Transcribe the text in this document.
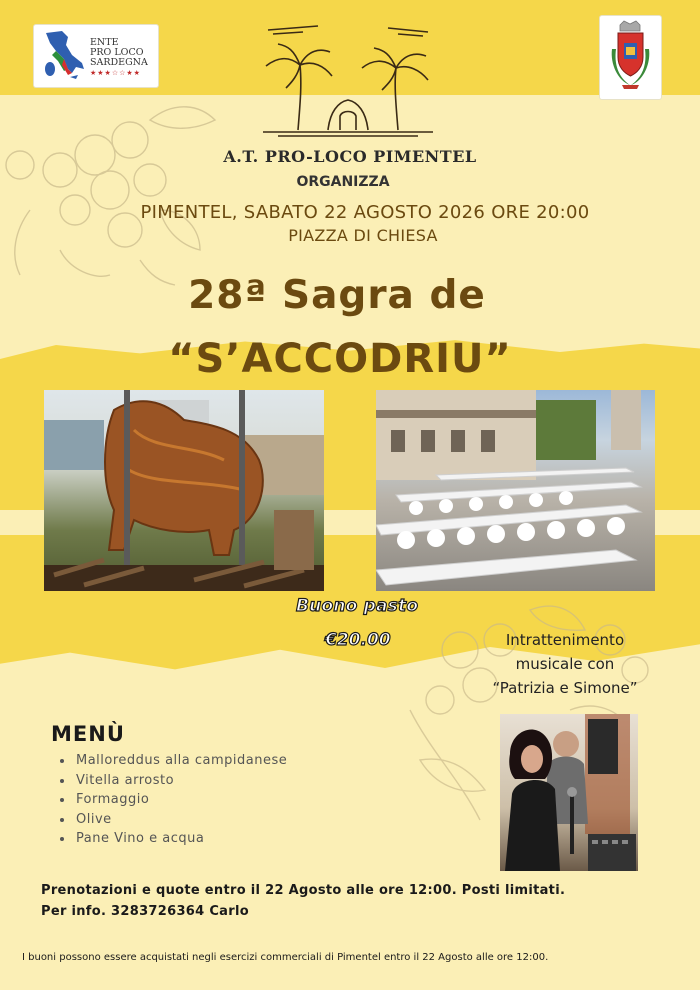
ENTE
PRO LOCO
SARDEGNA
★★★☆☆★★
A.T. PRO-LOCO PIMENTEL
ORGANIZZA
PIMENTEL, SABATO 22 AGOSTO 2026 ORE 20:00
PIAZZA DI CHIESA
28ª Sagra de
“S’ACCODRIU”
Buono pasto
€20.00	Intrattenimento
musicale con
“Patrizia e Simone”
MENÙ
• Malloreddus alla campidanese
• Vitella arrosto
• Formaggio
• Olive
• Pane Vino e acqua
Prenotazioni e quote entro il 22 Agosto alle ore 12:00. Posti limitati.
Per info. 3283726364 Carlo
I buoni possono essere acquistati negli esercizi commerciali di Pimentel entro il 22 Agosto alle ore 12:00.
